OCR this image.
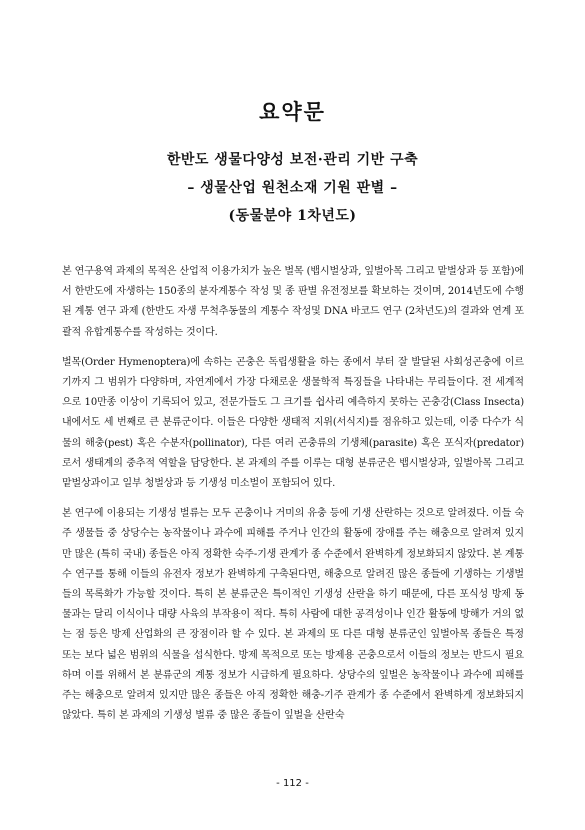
요약문
한반도 생물다양성 보전·관리 기반 구축
– 생물산업 원천소재 기원 판별 –
(동물분야 1차년도)

본 연구용역 과제의 목적은 산업적 이용가치가 높은 벌목 (뱁시벌상과, 잎벌아목 그리고 맡벌상과 등 포함)에서 한반도에 자생하는 150종의 분자계통수 작성 및 종 판별 유전정보를 확보하는 것이며, 2014년도에 수행된 계통 연구 과제 (한반도 자생 무척추동물의 계통수 작성및 DNA 바코드 연구 (2차년도)의 결과와 연계 포괄적 유합계통수를 작성하는 것이다.

벌목(Order Hymenoptera)에 속하는 곤충은 독립생활을 하는 종에서 부터 잘 발달된 사회성곤충에 이르기까지 그 범위가 다양하며, 자연계에서 가장 다채로운 생물학적 특징들을 나타내는 무리들이다. 전 세계적으로 10만종 이상이 기록되어 있고, 전문가들도 그 크기를 쉽사리 예측하지 못하는 곤충강(Class Insecta) 내에서도 세 번째로 큰 분류군이다. 이들은 다양한 생태적 지위(서식지)를 점유하고 있는데, 이중 다수가 식물의 해충(pest) 혹은 수분자(pollinator), 다른 여러 곤충류의 기생체(parasite) 혹은 포식자(predator)로서 생태계의 중추적 역할을 담당한다. 본 과제의 주를 이루는 대형 분류군은 뱁시벌상과, 잎벌아목 그리고 맡벌상과이고 일부 청벌상과 등 기생성 미소벌이 포함되어 있다.

본 연구에 이용되는 기생성 벌류는 모두 곤충이나 거미의 유충 등에 기생 산란하는 것으로 알려졌다. 이들 숙주 생물들 중 상당수는 농작물이나 과수에 피해를 주거나 인간의 활동에 장애를 주는 해충으로 알려져 있지만 많은 (특히 국내) 종들은 아직 정확한 숙주-기생 관계가 종 수준에서 완벽하게 정보화되지 않았다. 본 계통수 연구를 통해 이들의 유전자 정보가 완벽하게 구축된다면, 해충으로 알려진 많은 종들에 기생하는 기생벌들의 목록화가 가능할 것이다. 특히 본 분류군은 특이적인 기생성 산란을 하기 때문에, 다른 포식성 방제 동물과는 달리 이식이나 대량 사육의 부작용이 적다. 특히 사람에 대한 공격성이나 인간 활동에 방해가 거의 없는 점 등은 방제 산업화의 큰 장점이라 할 수 있다. 본 과제의 또 다른 대형 분류군인 잎벌아목 종들은 특정 또는 보다 넓은 범위의 식물을 섭식한다. 방제 목적으로 또는 방제용 곤충으로서 이들의 정보는 반드시 필요하며 이를 위해서 본 분류군의 계통 정보가 시급하게 필요하다. 상당수의 잎벌은 농작물이나 과수에 피해를 주는 해충으로 알려져 있지만 많은 종들은 아직 정확한 해충-기주 관계가 종 수준에서 완벽하게 정보화되지 않았다. 특히 본 과제의 기생성 벌류 중 많은 종들이 잎벌을 산란숙

- 112 -
